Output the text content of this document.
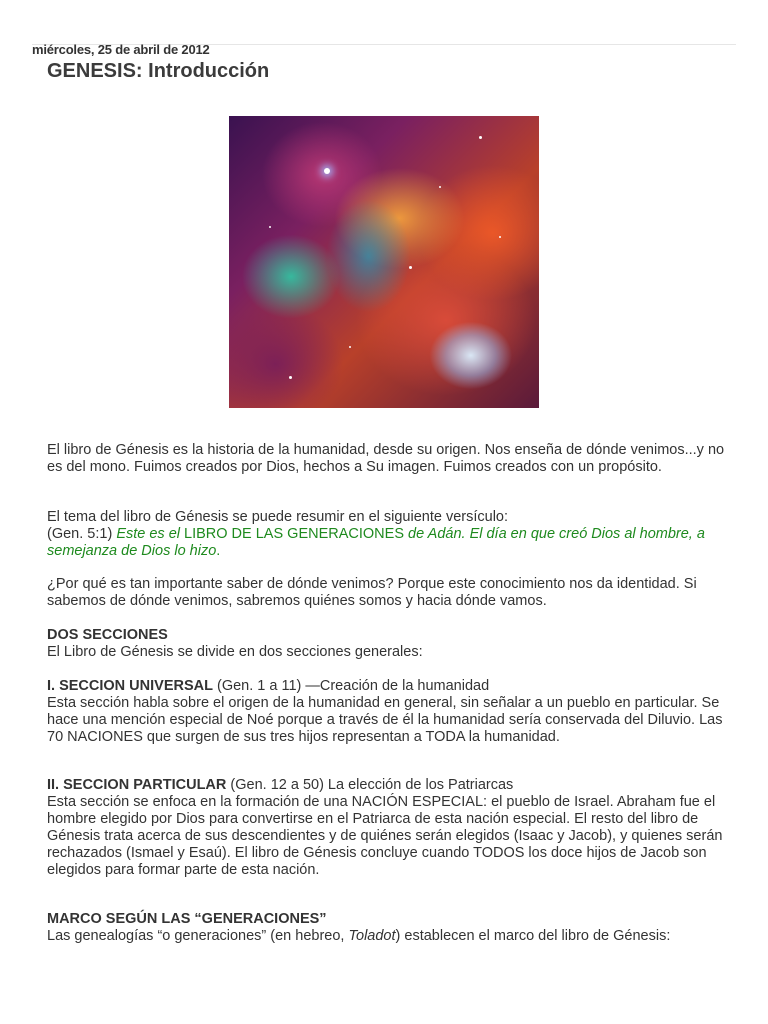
miércoles, 25 de abril de 2012
GENESIS: Introducción

El libro de Génesis es la historia de la humanidad, desde su origen. Nos enseña de dónde venimos...y no es del mono. Fuimos creados por Dios, hechos a Su imagen. Fuimos creados con un propósito.

El tema del libro de Génesis se puede resumir en el siguiente versículo:
(Gen. 5:1) Este es el LIBRO DE LAS GENERACIONES de Adán. El día en que creó Dios al hombre, a semejanza de Dios lo hizo.

¿Por qué es tan importante saber de dónde venimos? Porque este conocimiento nos da identidad. Si sabemos de dónde venimos, sabremos quiénes somos y hacia dónde vamos.

DOS SECCIONES

El Libro de Génesis se divide en dos secciones generales:

I. SECCION UNIVERSAL (Gen. 1 a 11) —Creación de la humanidad
Esta sección habla sobre el origen de la humanidad en general, sin señalar a un pueblo en particular. Se hace una mención especial de Noé porque a través de él la humanidad sería conservada del Diluvio. Las 70 NACIONES que surgen de sus tres hijos representan a TODA la humanidad.

II. SECCION PARTICULAR (Gen. 12 a 50) La elección de los Patriarcas
Esta sección se enfoca en la formación de una NACIÓN ESPECIAL: el pueblo de Israel. Abraham fue el hombre elegido por Dios para convertirse en el Patriarca de esta nación especial. El resto del libro de Génesis trata acerca de sus descendientes y de quiénes serán elegidos (Isaac y Jacob), y quienes serán rechazados (Ismael y Esaú). El libro de Génesis concluye cuando TODOS los doce hijos de Jacob son elegidos para formar parte de esta nación.

MARCO SEGÚN LAS “GENERACIONES”

Las genealogías “o generaciones” (en hebreo, Toladot) establecen el marco del libro de Génesis:
